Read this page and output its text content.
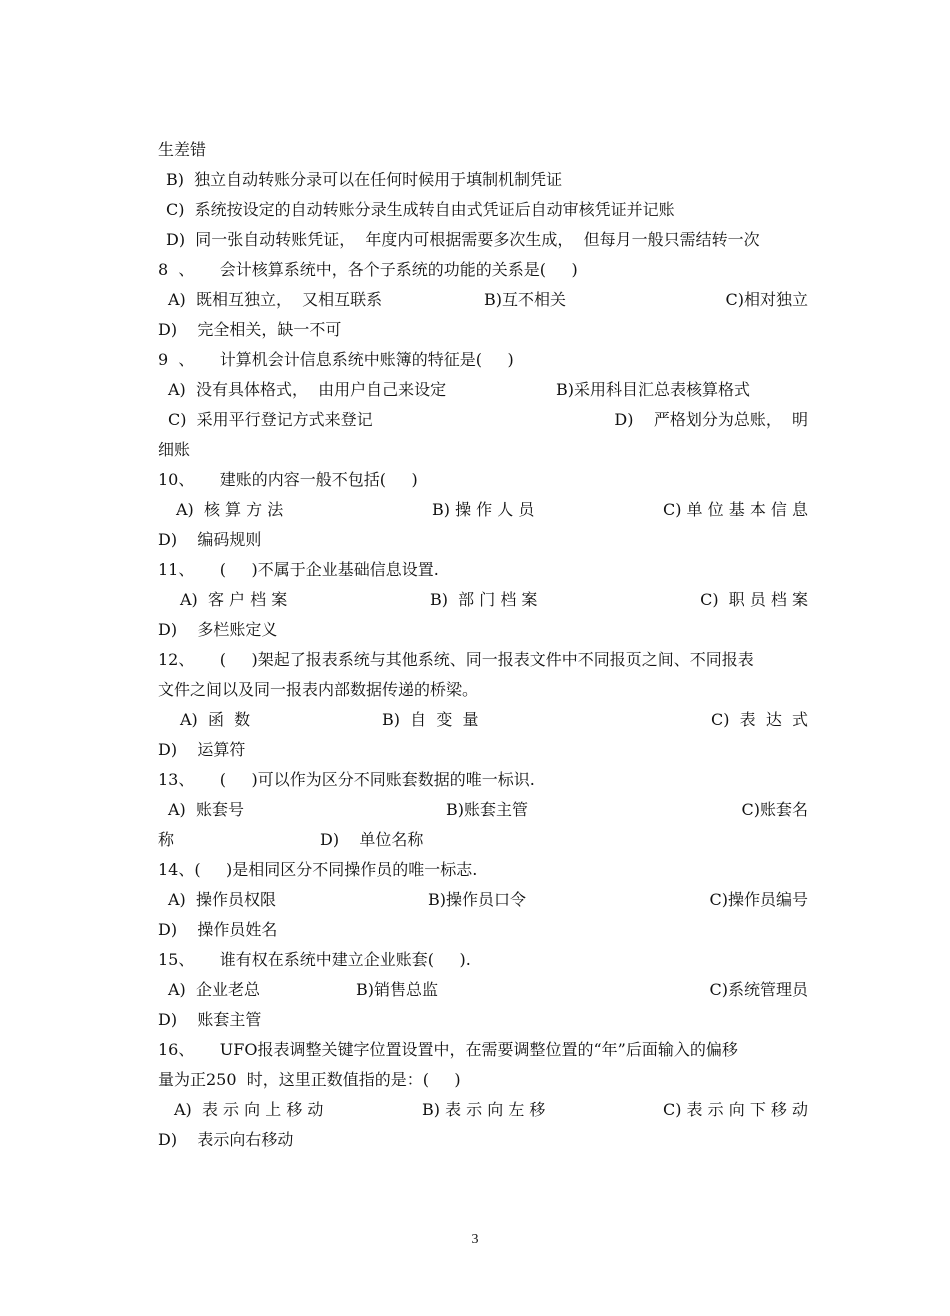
生差错
B)  独立自动转账分录可以在任何时候用于填制机制凭证
C)  系统按设定的自动转账分录生成转自由式凭证后自动审核凭证并记账
D)  同一张自动转账凭证，  年度内可根据需要多次生成，  但每月一般只需结转一次
8  、     会计核算系统中，各个子系统的功能的关系是(     )
A)  既相互独立，  又相互联系	B)互不相关	C)相对独立
D)    完全相关，缺一不可
9  、     计算机会计信息系统中账簿的特征是(     )
A)  没有具体格式，  由用户自己来设定	B)采用科目汇总表核算格式
C)  采用平行登记方式来登记	D)    严格划分为总账，  明
细账
10、     建账的内容一般不包括(     )
A)  核 算 方 法	B) 操 作 人 员	C) 单 位 基 本 信 息
D)    编码规则
11、     (     )不属于企业基础信息设置.
A)  客 户 档 案	B)  部 门 档 案	C)  职 员 档 案
D)    多栏账定义
12、     (     )架起了报表系统与其他系统、同一报表文件中不同报页之间、不同报表
文件之间以及同一报表内部数据传递的桥梁。
A)  函  数	B)  自  变  量	C)  表  达  式
D)    运算符
13、     (     )可以作为区分不同账套数据的唯一标识.
A)  账套号	B)账套主管	C)账套名
称	D)    单位名称
14、(     )是相同区分不同操作员的唯一标志.
A)  操作员权限	B)操作员口令	C)操作员编号
D)    操作员姓名
15、     谁有权在系统中建立企业账套(     ).
A)  企业老总	B)销售总监	C)系统管理员
D)    账套主管
16、     UFO报表调整关键字位置设置中，在需要调整位置的“年”后面输入的偏移
量为正250  时，这里正数值指的是：(     )
A)  表 示 向 上 移 动	B) 表 示 向 左 移	C) 表 示 向 下 移 动
D)    表示向右移动
3
